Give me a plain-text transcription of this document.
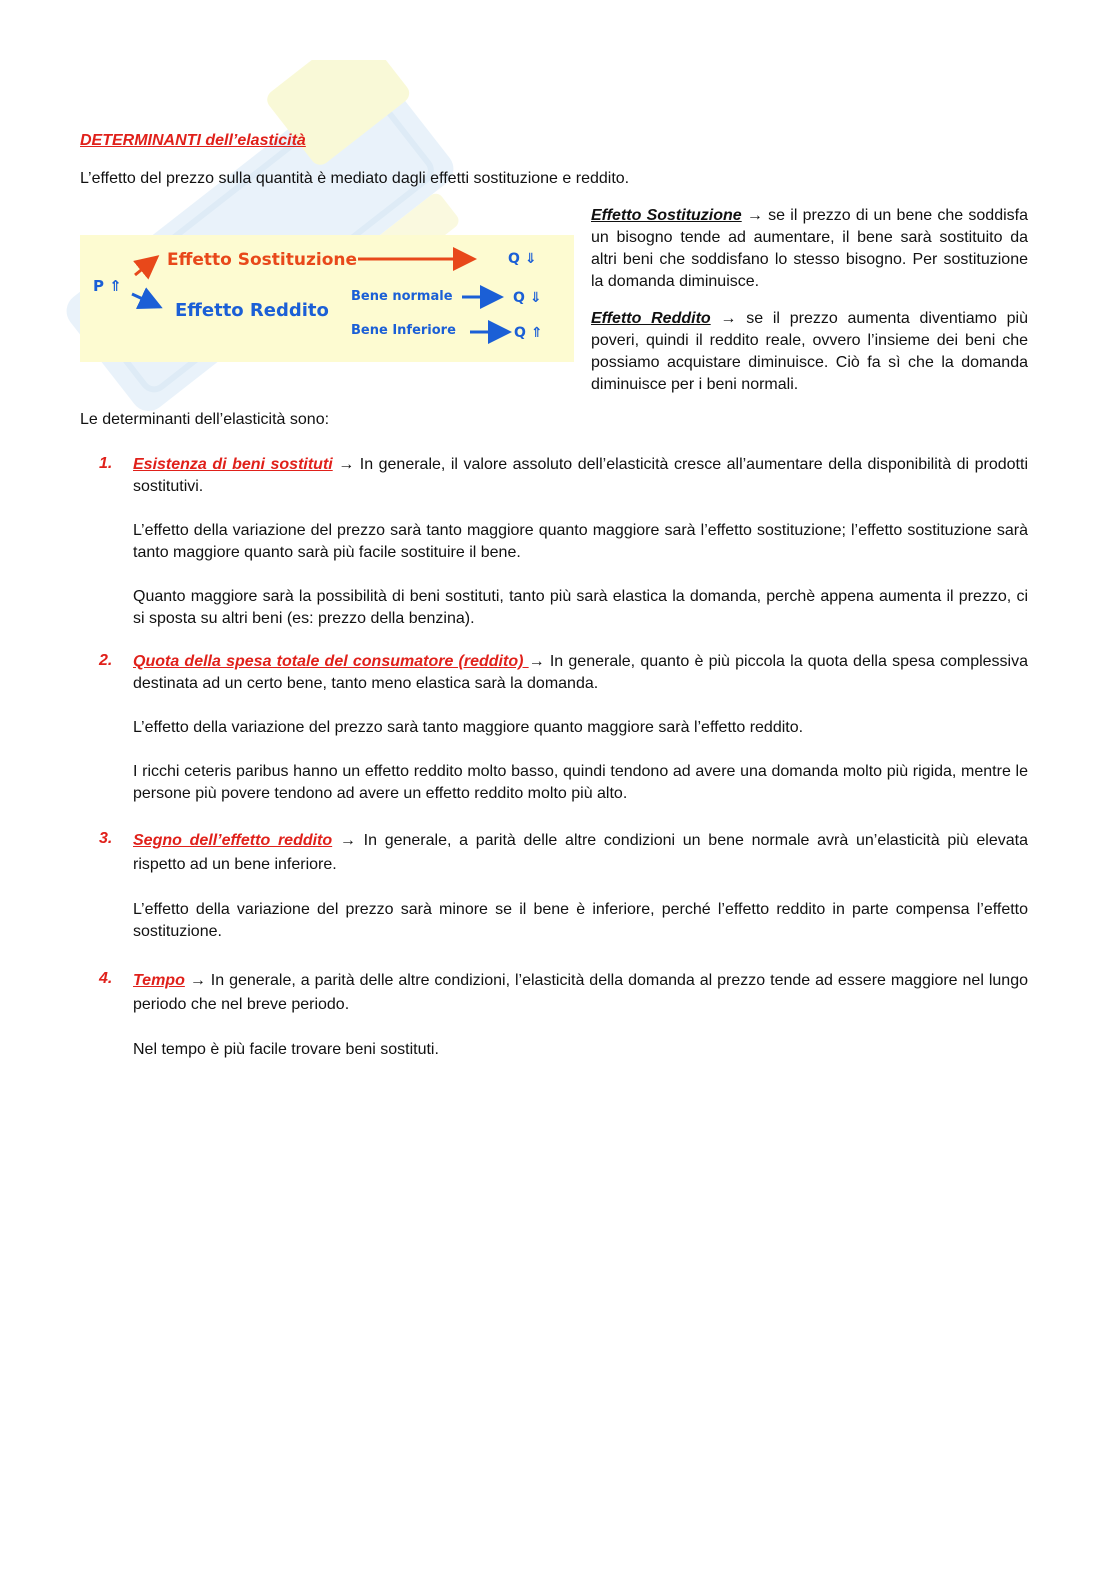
DETERMINANTI dell’elasticità
L’effetto del prezzo sulla quantità è mediato dagli effetti sostituzione e reddito.
P ⇑
Effetto Sostituzione
Effetto Reddito
Bene normale
Bene Inferiore
Q ⇓
Q ⇓
Q ⇑
Effetto Sostituzione → se il prezzo di un bene che soddisfa un bisogno tende ad aumentare, il bene sarà sostituito da altri beni che soddisfano lo stesso bisogno. Per sostituzione la domanda diminuisce.
Effetto Reddito → se il prezzo aumenta diventiamo più poveri, quindi il reddito reale, ovvero l’insieme dei beni che possiamo acquistare diminuisce. Ciò fa sì che la domanda diminuisce per i beni normali.
Le determinanti dell’elasticità sono:
1. Esistenza di beni sostituti → In generale, il valore assoluto dell’elasticità cresce all’aumentare della disponibilità di prodotti sostitutivi.
L’effetto della variazione del prezzo sarà tanto maggiore quanto maggiore sarà l’effetto sostituzione; l’effetto sostituzione sarà tanto maggiore quanto sarà più facile sostituire il bene.
Quanto maggiore sarà la possibilità di beni sostituti, tanto più sarà elastica la domanda, perchè appena aumenta il prezzo, ci si sposta su altri beni (es: prezzo della benzina).
2. Quota della spesa totale del consumatore (reddito) → In generale, quanto è più piccola la quota della spesa complessiva destinata ad un certo bene, tanto meno elastica sarà la domanda.
L’effetto della variazione del prezzo sarà tanto maggiore quanto maggiore sarà l’effetto reddito.
I ricchi ceteris paribus hanno un effetto reddito molto basso, quindi tendono ad avere una domanda molto più rigida, mentre le persone più povere tendono ad avere un effetto reddito molto più alto.
3. Segno dell’effetto reddito → In generale, a parità delle altre condizioni un bene normale avrà un’elasticità più elevata rispetto ad un bene inferiore.
L’effetto della variazione del prezzo sarà minore se il bene è inferiore, perché l’effetto reddito in parte compensa l’effetto sostituzione.
4. Tempo → In generale, a parità delle altre condizioni, l’elasticità della domanda al prezzo tende ad essere maggiore nel lungo periodo che nel breve periodo.
Nel tempo è più facile trovare beni sostituti.
